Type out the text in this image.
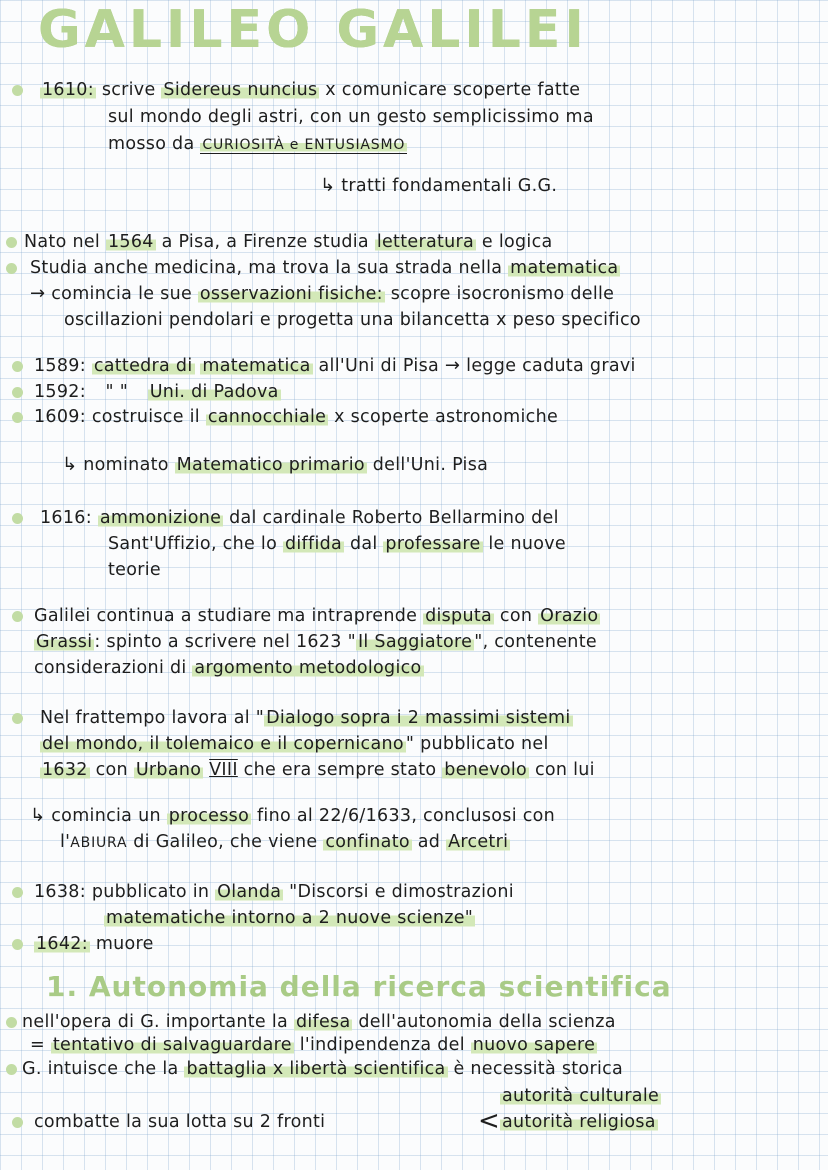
GALILEO GALILEI
1610: scrive Sidereus nuncius x comunicare scoperte fatte
sul mondo degli astri, con un gesto semplicissimo ma
mosso da CURIOSITÀ e ENTUSIASMO
↳ tratti fondamentali G.G.
Nato nel 1564 a Pisa, a Firenze studia letteratura e logica
Studia anche medicina, ma trova la sua strada nella matematica
→ comincia le sue osservazioni fisiche: scopre isocronismo delle
oscillazioni pendolari e progetta una bilancetta x peso specifico
1589: cattedra di matematica all'Uni di Pisa → legge caduta gravi
1592: " " Uni. di Padova
1609: costruisce il cannocchiale x scoperte astronomiche
↳ nominato Matematico primario dell'Uni. Pisa
1616: ammonizione dal cardinale Roberto Bellarmino del
Sant'Uffizio, che lo diffida dal professare le nuove
teorie
Galilei continua a studiare ma intraprende disputa con Orazio
Grassi : spinto a scrivere nel 1623 " Il Saggiatore ", contenente
considerazioni di argomento metodologico
Nel frattempo lavora al " Dialogo sopra i 2 massimi sistemi
del mondo, il tolemaico e il copernicano " pubblicato nel
1632 con Urbano VIII che era sempre stato benevolo con lui
↳ comincia un processo fino al 22/6/1633, conclusosi con
l'ABIURA di Galileo, che viene confinato ad Arcetri
1638: pubblicato in Olanda "Discorsi e dimostrazioni
matematiche intorno a 2 nuove scienze"
1642: muore
1. Autonomia della ricerca scientifica
nell'opera di G. importante la difesa dell'autonomia della scienza
= tentativo di salvaguardare l'indipendenza del nuovo sapere
G. intuisce che la battaglia x libertà scientifica è necessità storica
autorità culturale
combatte la sua lotta su 2 fronti	< autorità religiosa
